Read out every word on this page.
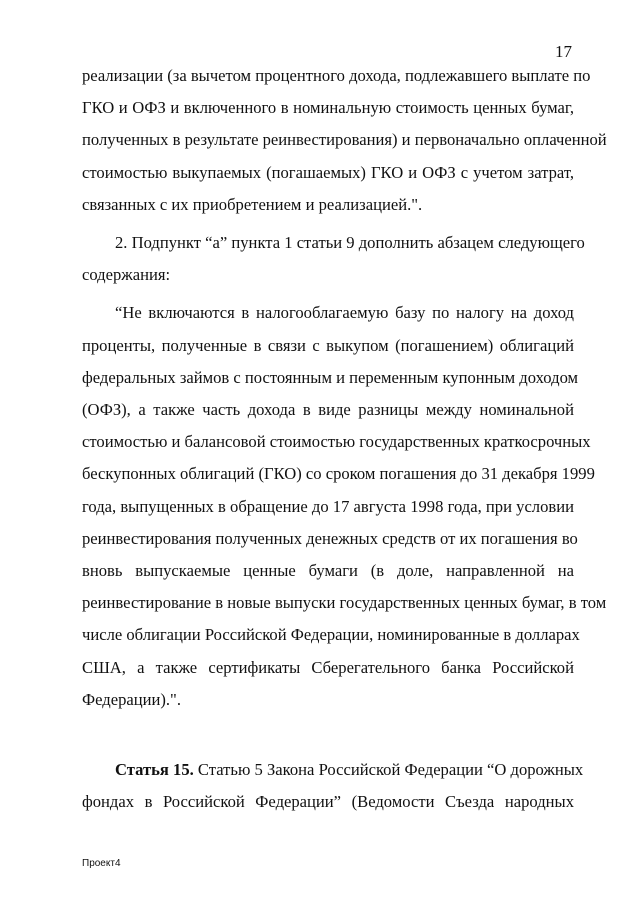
17
реализации (за вычетом процентного дохода, подлежавшего выплате по
ГКО и ОФЗ и включенного в номинальную стоимость ценных бумаг,
полученных в результате реинвестирования) и первоначально оплаченной
стоимостью выкупаемых (погашаемых) ГКО и ОФЗ с учетом затрат,
связанных с их приобретением и реализацией.".
2. Подпункт “а” пункта 1 статьи 9 дополнить абзацем следующего
содержания:
“Не включаются в налогооблагаемую базу по налогу на доход
проценты, полученные в связи с выкупом (погашением) облигаций
федеральных займов с постоянным и переменным купонным доходом
(ОФЗ), а также часть дохода в виде разницы между номинальной
стоимостью и балансовой стоимостью государственных краткосрочных
бескупонных облигаций (ГКО) со сроком погашения до 31 декабря 1999
года, выпущенных в обращение до 17 августа 1998 года, при условии
реинвестирования полученных денежных средств от их погашения во
вновь выпускаемые ценные бумаги (в доле, направленной на
реинвестирование в новые выпуски государственных ценных бумаг, в том
числе облигации Российской Федерации, номинированные в долларах
США, а также сертификаты Сберегательного банка Российской
Федерации).".
Статья 15. Статью 5 Закона Российской Федерации “О дорожных
фондах в Российской Федерации” (Ведомости Съезда народных
Проект4
